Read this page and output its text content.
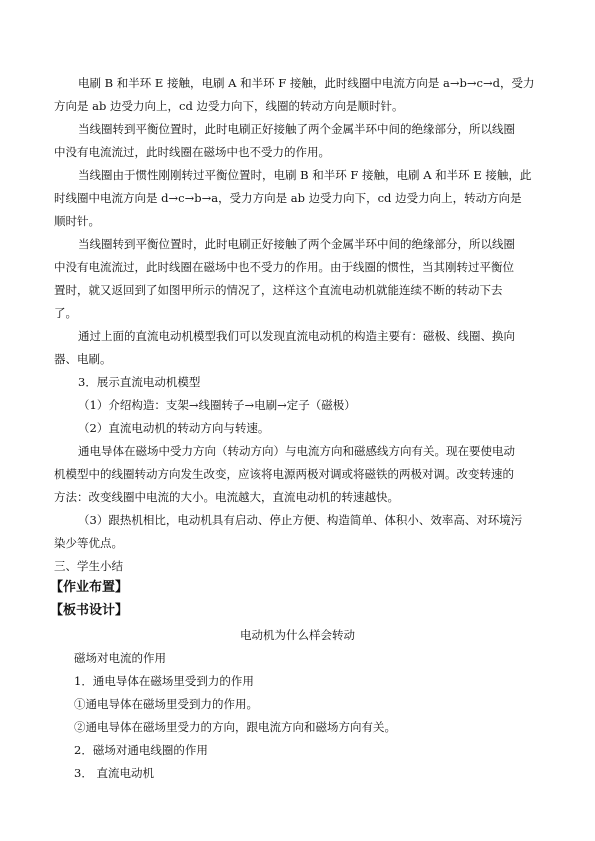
电刷 B 和半环 E 接触，电刷 A 和半环 F 接触，此时线圈中电流方向是 a→b→c→d，受力
方向是 ab 边受力向上，cd 边受力向下，线圈的转动方向是顺时针。
当线圈转到平衡位置时，此时电刷正好接触了两个金属半环中间的绝缘部分，所以线圈
中没有电流流过，此时线圈在磁场中也不受力的作用。
当线圈由于惯性刚刚转过平衡位置时，电刷 B 和半环 F 接触，电刷 A 和半环 E 接触，此
时线圈中电流方向是 d→c→b→a，受力方向是 ab 边受力向下，cd 边受力向上，转动方向是
顺时针。
当线圈转到平衡位置时，此时电刷正好接触了两个金属半环中间的绝缘部分，所以线圈
中没有电流流过，此时线圈在磁场中也不受力的作用。由于线圈的惯性，当其刚转过平衡位
置时，就又返回到了如图甲所示的情况了，这样这个直流电动机就能连续不断的转动下去
了。
通过上面的直流电动机模型我们可以发现直流电动机的构造主要有：磁极、线圈、换向
器、电刷。
3．展示直流电动机模型
（1）介绍构造：支架→线圈转子→电刷→定子（磁极）
（2）直流电动机的转动方向与转速。
通电导体在磁场中受力方向（转动方向）与电流方向和磁感线方向有关。现在要使电动
机模型中的线圈转动方向发生改变，应该将电源两极对调或将磁铁的两极对调。改变转速的
方法：改变线圈中电流的大小。电流越大，直流电动机的转速越快。
（3）跟热机相比，电动机具有启动、停止方便、构造简单、体积小、效率高、对环境污
染少等优点。
三、学生小结
【作业布置】
【板书设计】
电动机为什么样会转动
磁场对电流的作用
1．通电导体在磁场里受到力的作用
①通电导体在磁场里受到力的作用。
②通电导体在磁场里受力的方向，跟电流方向和磁场方向有关。
2．磁场对通电线圈的作用
3． 直流电动机
